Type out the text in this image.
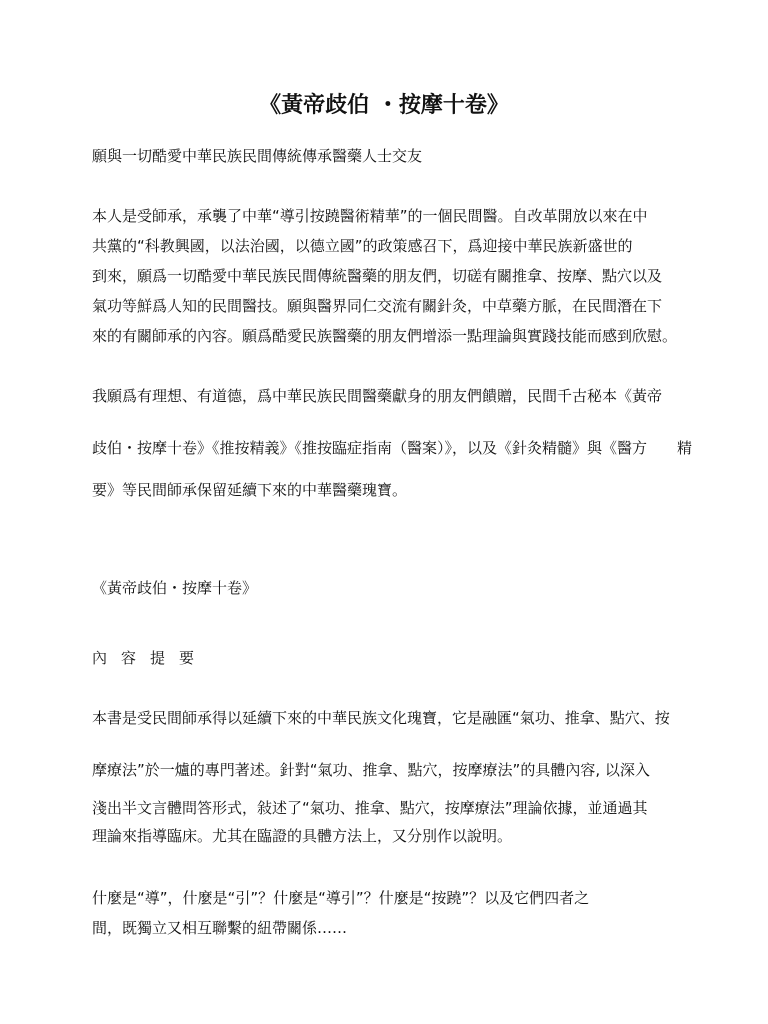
《黃帝歧伯 ・按摩十卷》
願與一切酷愛中華民族民間傳統傳承醫藥人士交友
本人是受師承，承襲了中華“導引按蹺醫術精華”的一個民間醫。自改革開放以來在中
共黨的“科教興國，以法治國，以德立國”的政策感召下，爲迎接中華民族新盛世的
到來，願爲一切酷愛中華民族民間傳統醫藥的朋友們，切磋有關推拿、按摩、點穴以及
氣功等鮮爲人知的民間醫技。願與醫界同仁交流有關針灸，中草藥方脈，在民間潛在下
來的有關師承的內容。願爲酷愛民族醫藥的朋友們增添一點理論與實踐技能而感到欣慰。
我願爲有理想、有道德，爲中華民族民間醫藥獻身的朋友們饋贈，民間千古秘本《黃帝
歧伯・按摩十卷》《推按精義》《推按臨症指南（醫案）》，以及《針灸精髓》與《醫方　　精
要》等民間師承保留延續下來的中華醫藥瑰寶。
《黃帝歧伯・按摩十卷》
內容提要
本書是受民間師承得以延續下來的中華民族文化瑰寶，它是融匯“氣功、推拿、點穴、按
摩療法”於一爐的專門著述。針對“氣功、推拿、點穴，按摩療法”的具體內容, 以深入
淺出半文言體問答形式，敍述了“氣功、推拿、點穴，按摩療法”理論依據，並通過其
理論來指導臨床。尤其在臨證的具體方法上，又分別作以說明。
什麼是“導”，什麼是“引”？什麼是“導引”？什麼是“按蹺”？以及它們四者之
間，既獨立又相互聯繫的紐帶關係……
